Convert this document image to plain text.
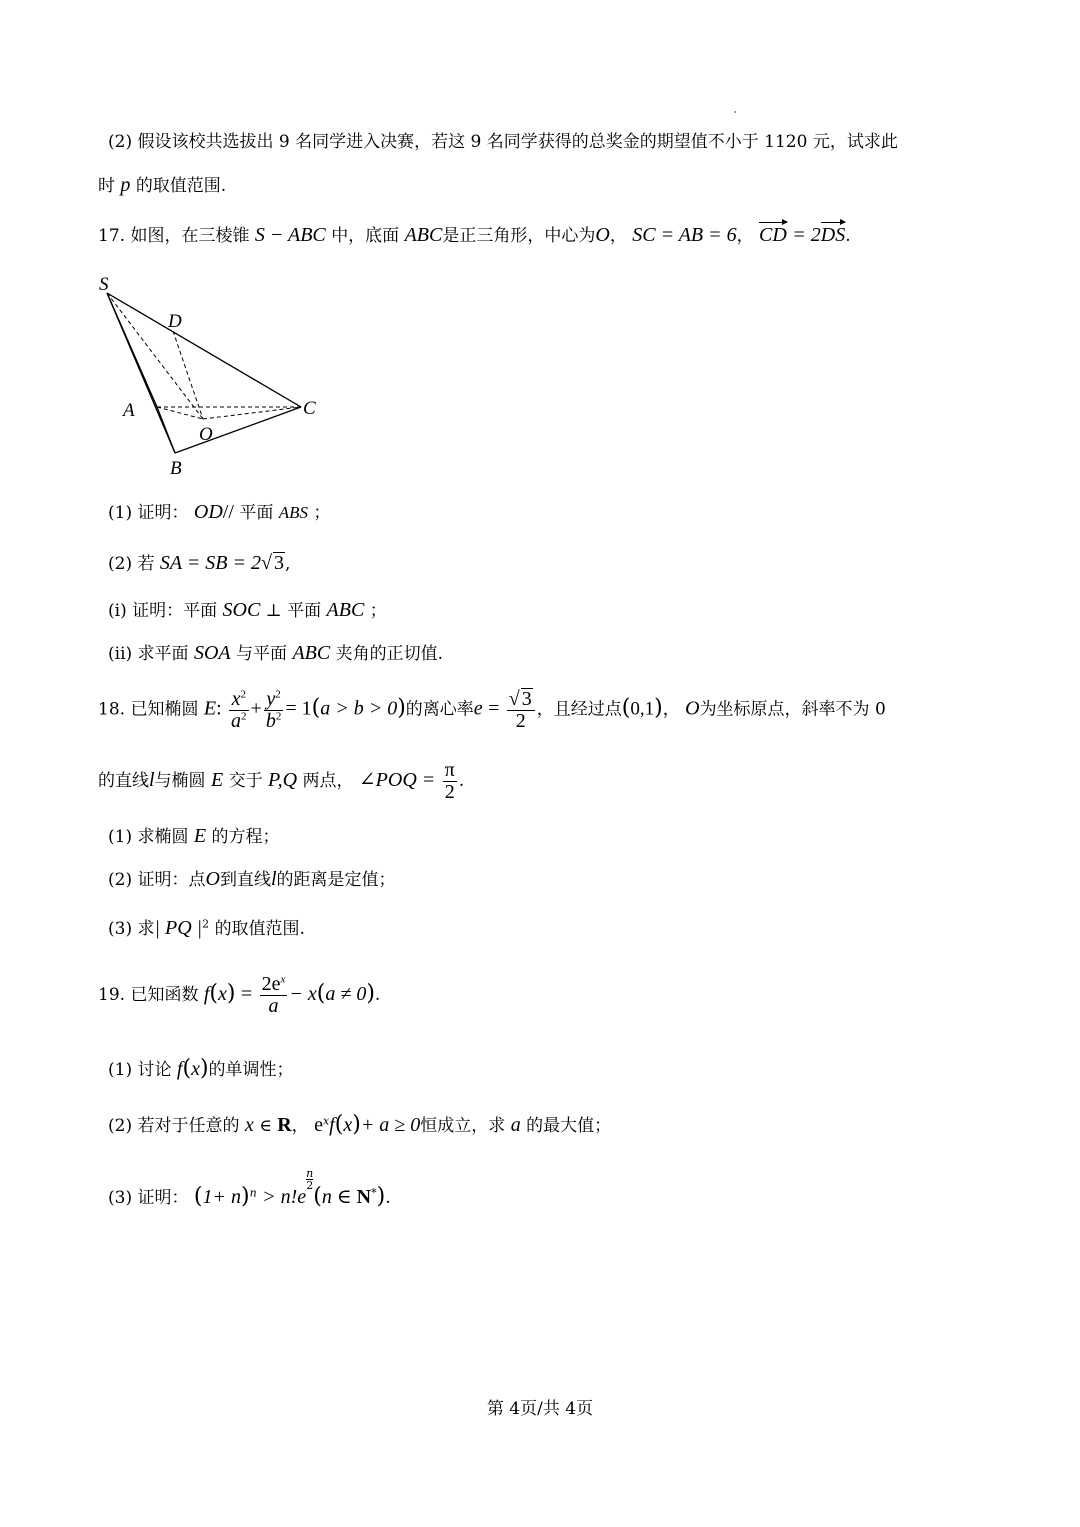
(2) 假设该校共选拔出 9 名同学进入决赛，若这 9 名同学获得的总奖金的期望值不小于 1120 元，试求此
时 p 的取值范围.
17. 如图，在三棱锥 S − ABC 中，底面 ABC是正三角形，中心为O， SC = AB = 6， CD = 2DS.
S
D
A	C
O
B
(1) 证明： OD// 平面 ABS ；
(2) 若 SA = SB = 2√ 3,
(i) 证明：平面 SOC ⊥ 平面 ABC ；
(ii) 求平面 SOA 与平面 ABC 夹角的正切值.
18. 已知椭圆 E: $\frac{x^2}{a^2} + \frac{y^2}{b^2} = 1(a > b > 0)$的离心率$e = \frac{√ 3}{2}$ ，且经过点(0,1)， O为坐标原点，斜率不为 0
的直线l与椭圆 E 交于 P,Q 两点， ∠POQ = $\frac{\pi}{2}$ .
(1) 求椭圆 E 的方程；
(2) 证明：点O到直线l的距离是定值；
(3) 求| PQ $|^2$ 的取值范围.
19. 已知函数 $f(x) = \frac{2e^x}{a} - x(a \ne 0)$.
(1) 讨论 f(x)的单调性；
(2) 若对于任意的 x ∈ R， $e^xf(x)+ a \ge 0$恒成立，求 a 的最大值；
(3) 证明： $(1+ n)^n > n!e$
$^{\frac{n}{2}}$
(n ∈ N*).
第 4页/共 4页
